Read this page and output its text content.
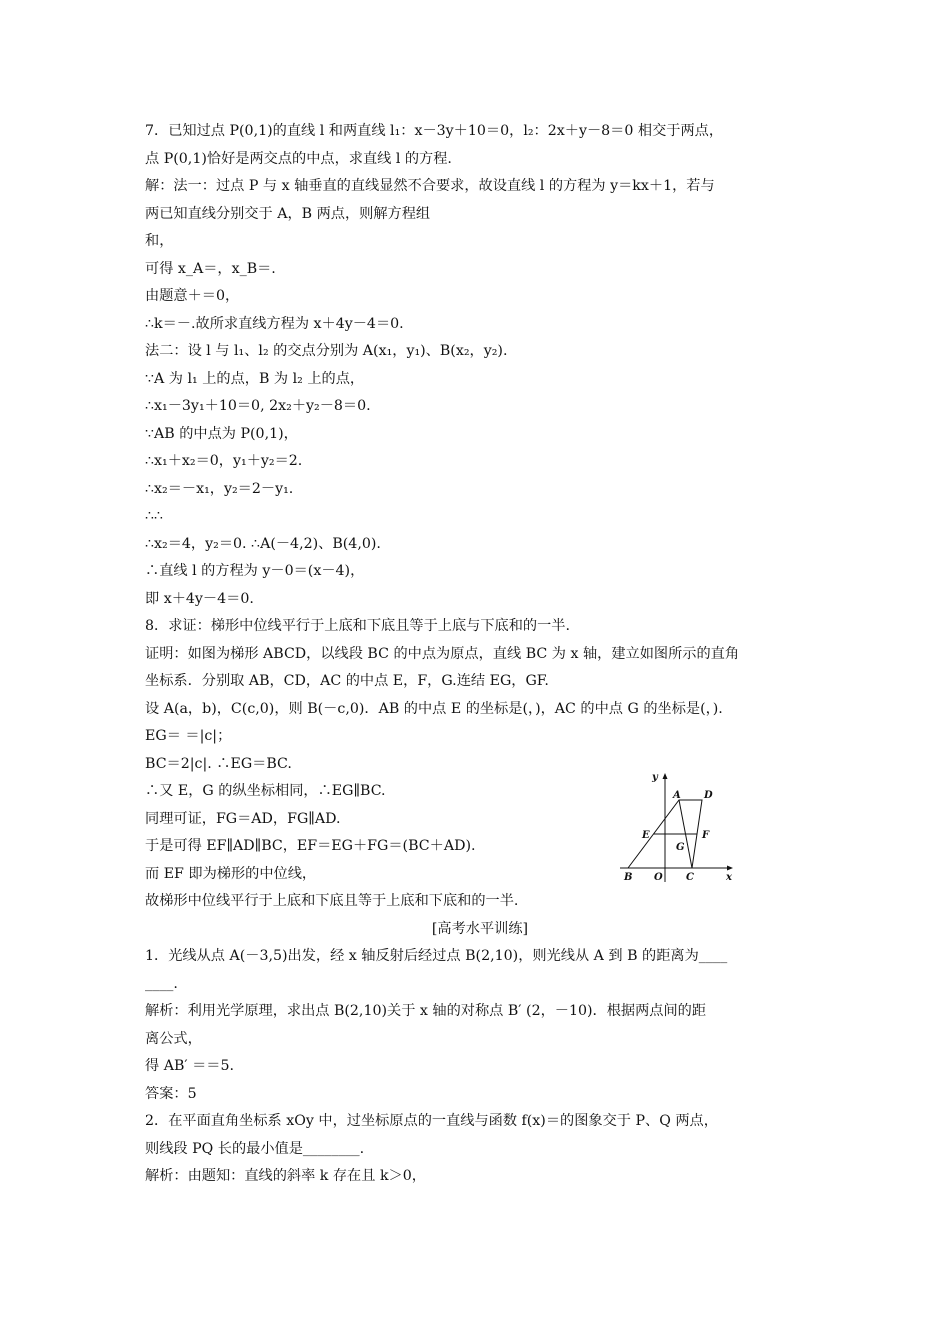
7．已知过点 P(0,1)的直线 l 和两直线 l₁：x－3y＋10＝0，l₂：2x＋y－8＝0 相交于两点，
点 P(0,1)恰好是两交点的中点，求直线 l 的方程.
解：法一：过点 P 与 x 轴垂直的直线显然不合要求，故设直线 l 的方程为 y＝kx＋1，若与
两已知直线分别交于 A，B 两点，则解方程组
和，
可得 x_A＝，x_B＝.
由题意＋＝0，
∴k＝－.故所求直线方程为 x＋4y－4＝0.
法二：设 l 与 l₁、l₂ 的交点分别为 A(x₁，y₁)、B(x₂，y₂).
∵A 为 l₁ 上的点，B 为 l₂ 上的点，
∴x₁－3y₁＋10＝0, 2x₂＋y₂－8＝0.
∵AB 的中点为 P(0,1)，
∴x₁＋x₂＝0，y₁＋y₂＝2.
∴x₂＝－x₁，y₂＝2－y₁.
∴∴
∴x₂＝4，y₂＝0. ∴A(－4,2)、B(4,0).
∴直线 l 的方程为 y－0＝(x－4)，
即 x＋4y－4＝0.
8．求证：梯形中位线平行于上底和下底且等于上底与下底和的一半.
证明：如图为梯形 ABCD，以线段 BC 的中点为原点，直线 BC 为 x 轴，建立如图所示的直角
坐标系．分别取 AB，CD，AC 的中点 E，F，G.连结 EG，GF.
设 A(a，b)，C(c,0)，则 B(－c,0)．AB 的中点 E 的坐标是(，)，AC 的中点 G 的坐标是(，).
EG＝ ＝|c|；
BC＝2|c|. ∴EG＝BC.
∴又 E，G 的纵坐标相同，∴EG∥BC.
同理可证，FG＝AD，FG∥AD.
于是可得 EF∥AD∥BC，EF＝EG＋FG＝(BC＋AD).
而 EF 即为梯形的中位线，
故梯形中位线平行于上底和下底且等于上底和下底和的一半.
[高考水平训练]
1．光线从点 A(－3,5)出发，经 x 轴反射后经过点 B(2,10)，则光线从 A 到 B 的距离为____
____.
解析：利用光学原理，求出点 B(2,10)关于 x 轴的对称点 B′ (2，－10)．根据两点间的距
离公式，
得 AB′ ＝＝5.
答案：5
2．在平面直角坐标系 xOy 中，过坐标原点的一直线与函数 f(x)＝的图象交于 P、Q 两点，
则线段 PQ 长的最小值是________.
解析：由题知：直线的斜率 k 存在且 k＞0，
y
A D
E	F
G
B O C	x
